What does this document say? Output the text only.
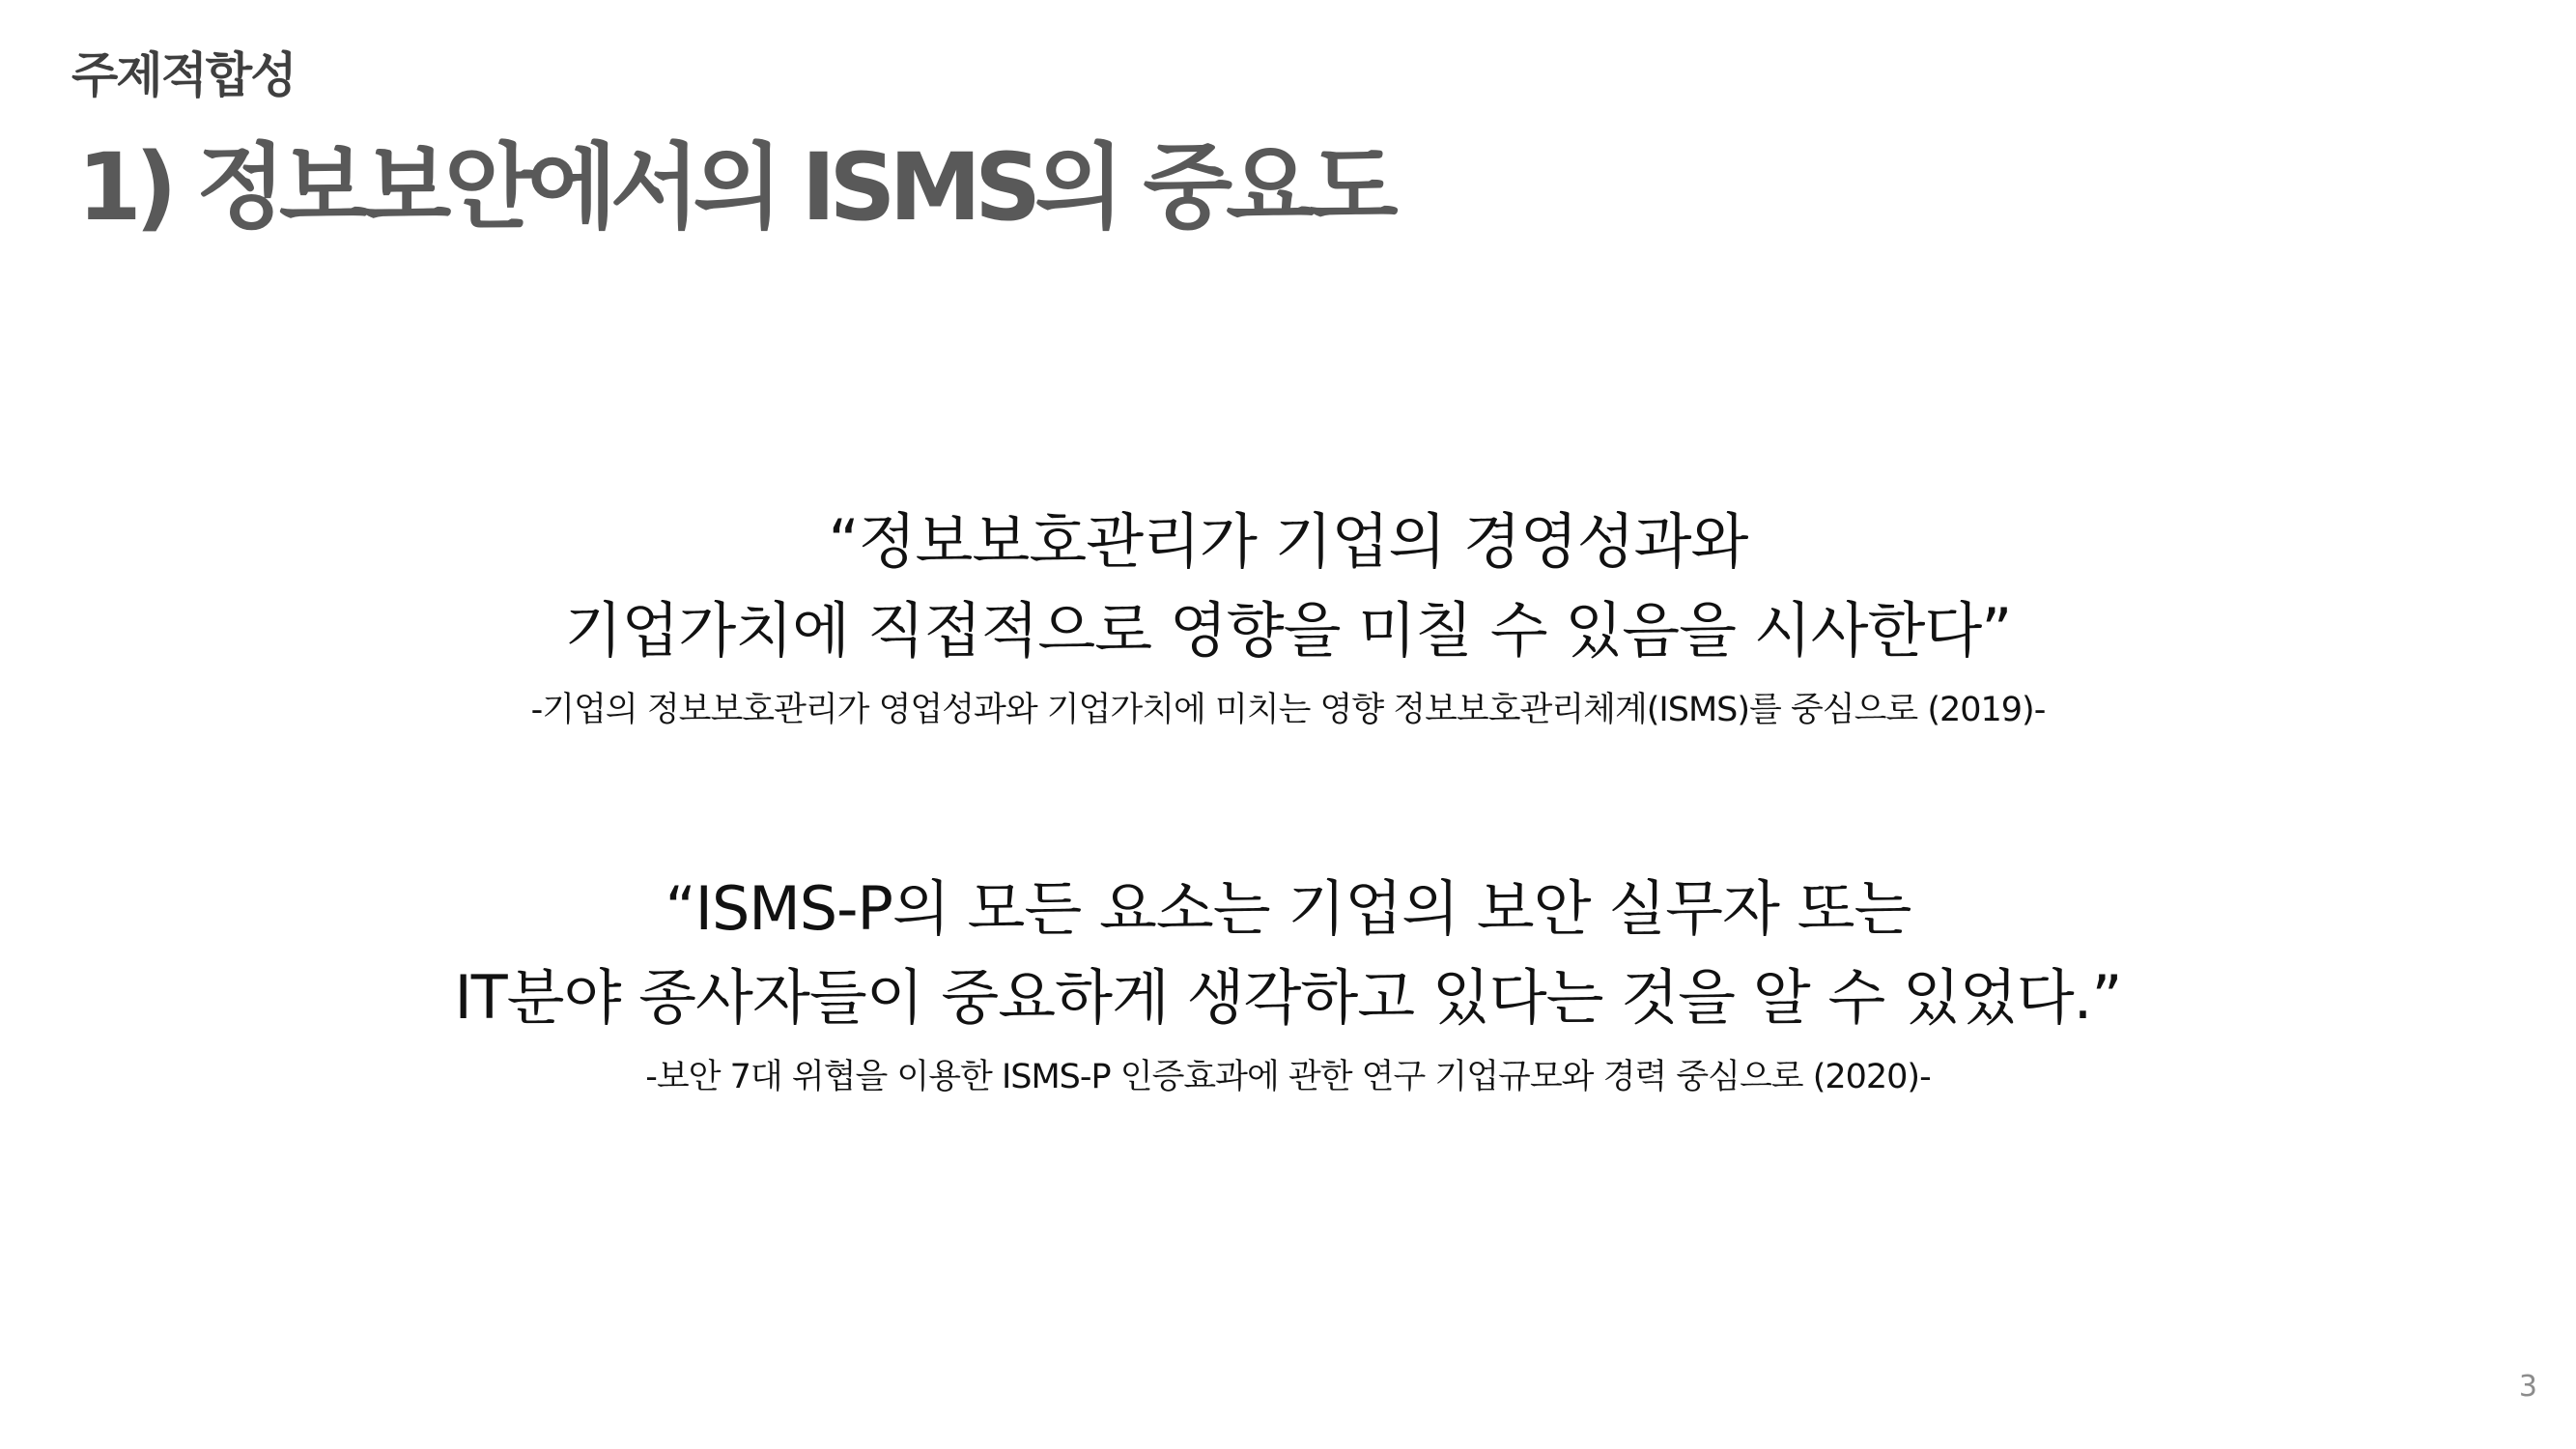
주제적합성
1) 정보보안에서의 ISMS의 중요도
“정보보호관리가 기업의 경영성과와
기업가치에 직접적으로 영향을 미칠 수 있음을 시사한다”
-기업의 정보보호관리가 영업성과와 기업가치에 미치는 영향 정보보호관리체계(ISMS)를 중심으로 (2019)-
“ISMS-P의 모든 요소는 기업의 보안 실무자 또는
IT분야 종사자들이 중요하게 생각하고 있다는 것을 알 수 있었다.”
-보안 7대 위협을 이용한 ISMS-P 인증효과에 관한 연구 기업규모와 경력 중심으로 (2020)-
3
